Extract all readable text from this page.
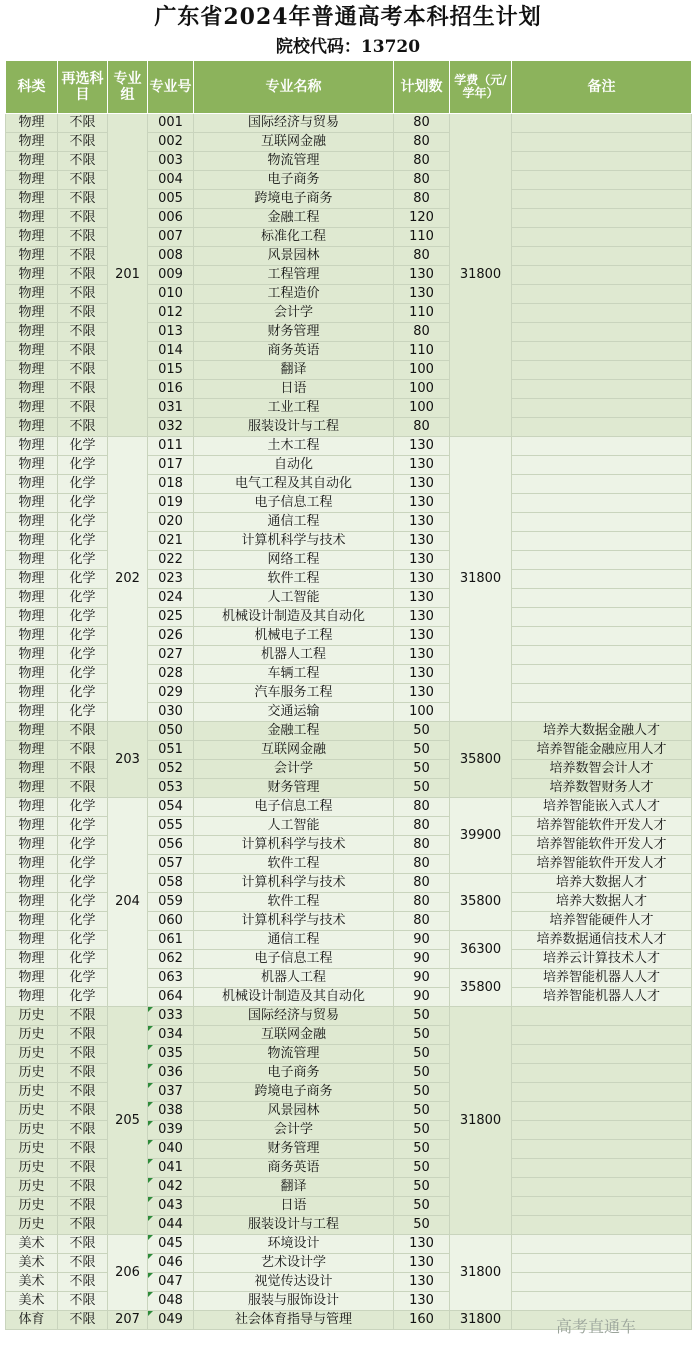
广东省2024年普通高考本科招生计划
院校代码：13720
科类	再选科目	专业组	专业号	专业名称	计划数	学费（元/学年）	备注
物理	不限	201	001	国际经济与贸易	80	31800	
物理	不限		002	互联网金融	80		
物理	不限		003	物流管理	80		
物理	不限		004	电子商务	80		
物理	不限		005	跨境电子商务	80		
物理	不限		006	金融工程	120		
物理	不限		007	标准化工程	110		
物理	不限		008	风景园林	80		
物理	不限		009	工程管理	130		
物理	不限		010	工程造价	130		
物理	不限		012	会计学	110		
物理	不限		013	财务管理	80		
物理	不限		014	商务英语	110		
物理	不限		015	翻译	100		
物理	不限		016	日语	100		
物理	不限		031	工业工程	100		
物理	不限		032	服装设计与工程	80		
物理	化学	202	011	土木工程	130	31800	
物理	化学		017	自动化	130		
物理	化学		018	电气工程及其自动化	130		
物理	化学		019	电子信息工程	130		
物理	化学		020	通信工程	130		
物理	化学		021	计算机科学与技术	130		
物理	化学		022	网络工程	130		
物理	化学		023	软件工程	130		
物理	化学		024	人工智能	130		
物理	化学		025	机械设计制造及其自动化	130		
物理	化学		026	机械电子工程	130		
物理	化学		027	机器人工程	130		
物理	化学		028	车辆工程	130		
物理	化学		029	汽车服务工程	130		
物理	化学		030	交通运输	100		
物理	不限	203	050	金融工程	50	35800	培养大数据金融人才
物理	不限		051	互联网金融	50		培养智能金融应用人才
物理	不限		052	会计学	50		培养数智会计人才
物理	不限		053	财务管理	50		培养数智财务人才
物理	化学	204	054	电子信息工程	80	39900	培养智能嵌入式人才
物理	化学		055	人工智能	80		培养智能软件开发人才
物理	化学		056	计算机科学与技术	80		培养智能软件开发人才
物理	化学		057	软件工程	80		培养智能软件开发人才
物理	化学		058	计算机科学与技术	80	35800	培养大数据人才
物理	化学		059	软件工程	80		培养大数据人才
物理	化学		060	计算机科学与技术	80		培养智能硬件人才
物理	化学		061	通信工程	90	36300	培养数据通信技术人才
物理	化学		062	电子信息工程	90		培养云计算技术人才
物理	化学		063	机器人工程	90	35800	培养智能机器人人才
物理	化学		064	机械设计制造及其自动化	90		培养智能机器人人才
历史	不限	205	033	国际经济与贸易	50	31800	
历史	不限		034	互联网金融	50		
历史	不限		035	物流管理	50		
历史	不限		036	电子商务	50		
历史	不限		037	跨境电子商务	50		
历史	不限		038	风景园林	50		
历史	不限		039	会计学	50		
历史	不限		040	财务管理	50		
历史	不限		041	商务英语	50		
历史	不限		042	翻译	50		
历史	不限		043	日语	50		
历史	不限		044	服装设计与工程	50		
美术	不限	206	045	环境设计	130	31800	
美术	不限		046	艺术设计学	130		
美术	不限		047	视觉传达设计	130		
美术	不限		048	服装与服饰设计	130		
体育	不限	207	049	社会体育指导与管理	160	31800		高考直通车
